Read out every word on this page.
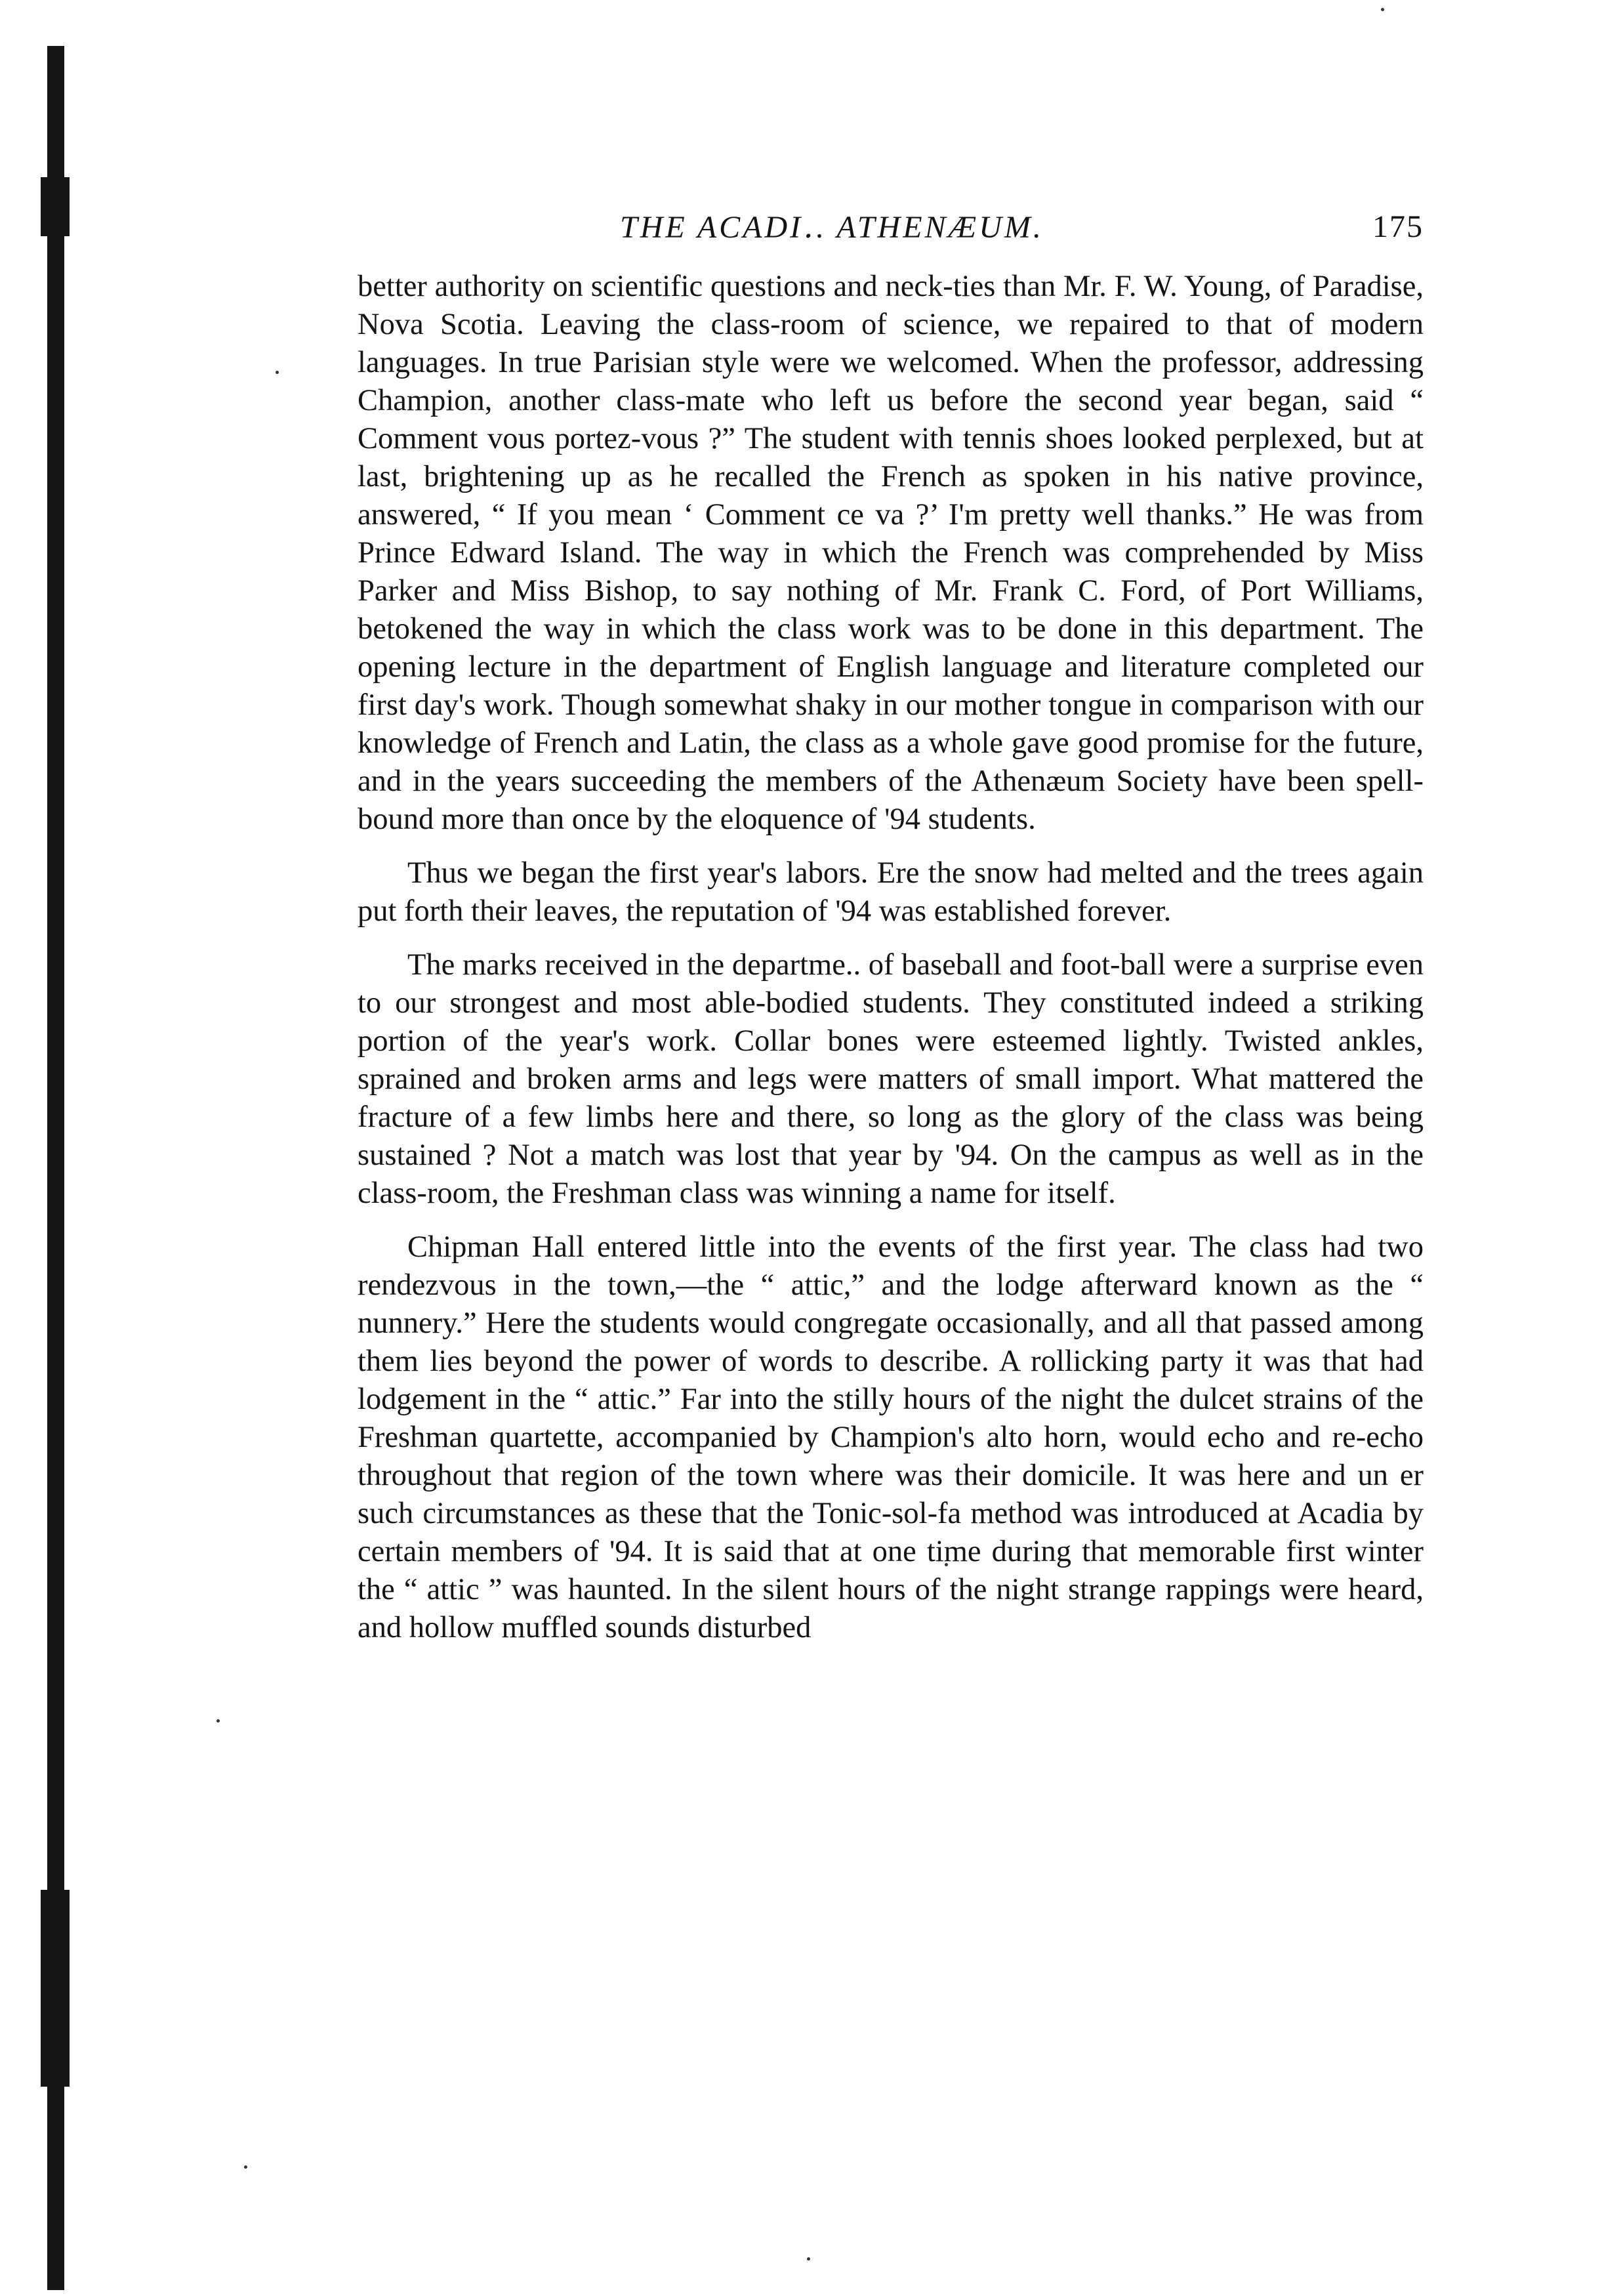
THE ACADI․. ATHENÆUM.	175

better authority on scientific questions and neck-ties than Mr. F. W. Young, of Paradise, Nova Scotia. Leaving the class-room of science, we repaired to that of modern languages. In true Parisian style were we welcomed. When the professor, addressing Champion, another class-mate who left us before the second year began, said “ Comment vous portez-vous ?” The student with tennis shoes looked perplexed, but at last, brightening up as he recalled the French as spoken in his native province, answered, “ If you mean ‘ Comment ce va ?’ I'm pretty well thanks.” He was from Prince Edward Island. The way in which the French was comprehended by Miss Parker and Miss Bishop, to say nothing of Mr. Frank C. Ford, of Port Williams, betokened the way in which the class work was to be done in this department. The opening lecture in the department of English language and literature completed our first day's work. Though somewhat shaky in our mother tongue in comparison with our knowledge of French and Latin, the class as a whole gave good promise for the future, and in the years succeeding the members of the Athenæum Society have been spell-bound more than once by the eloquence of '94 students.

Thus we began the first year's labors. Ere the snow had melted and the trees again put forth their leaves, the reputation of '94 was established forever.

The marks received in the departme.. of baseball and foot-ball were a surprise even to our strongest and most able-bodied students. They constituted indeed a striking portion of the year's work. Collar bones were esteemed lightly. Twisted ankles, sprained and broken arms and legs were matters of small import. What mattered the fracture of a few limbs here and there, so long as the glory of the class was being sustained ? Not a match was lost that year by '94. On the campus as well as in the class-room, the Freshman class was winning a name for itself.

Chipman Hall entered little into the events of the first year. The class had two rendezvous in the town,—the “ attic,” and the lodge afterward known as the “ nunnery.” Here the students would congregate occasionally, and all that passed among them lies beyond the power of words to describe. A rollicking party it was that had lodgement in the “ attic.” Far into the stilly hours of the night the dulcet strains of the Freshman quartette, accompanied by Champion's alto horn, would echo and re-echo throughout that region of the town where was their domicile. It was here and un er such circumstances as these that the Tonic-sol-fa method was introduced at Acadia by certain members of '94. It is said that at one time during that memorable first winter the “ attic ” was haunted. In the silent hours of the night strange rappings were heard, and hollow muffled sounds disturbed
